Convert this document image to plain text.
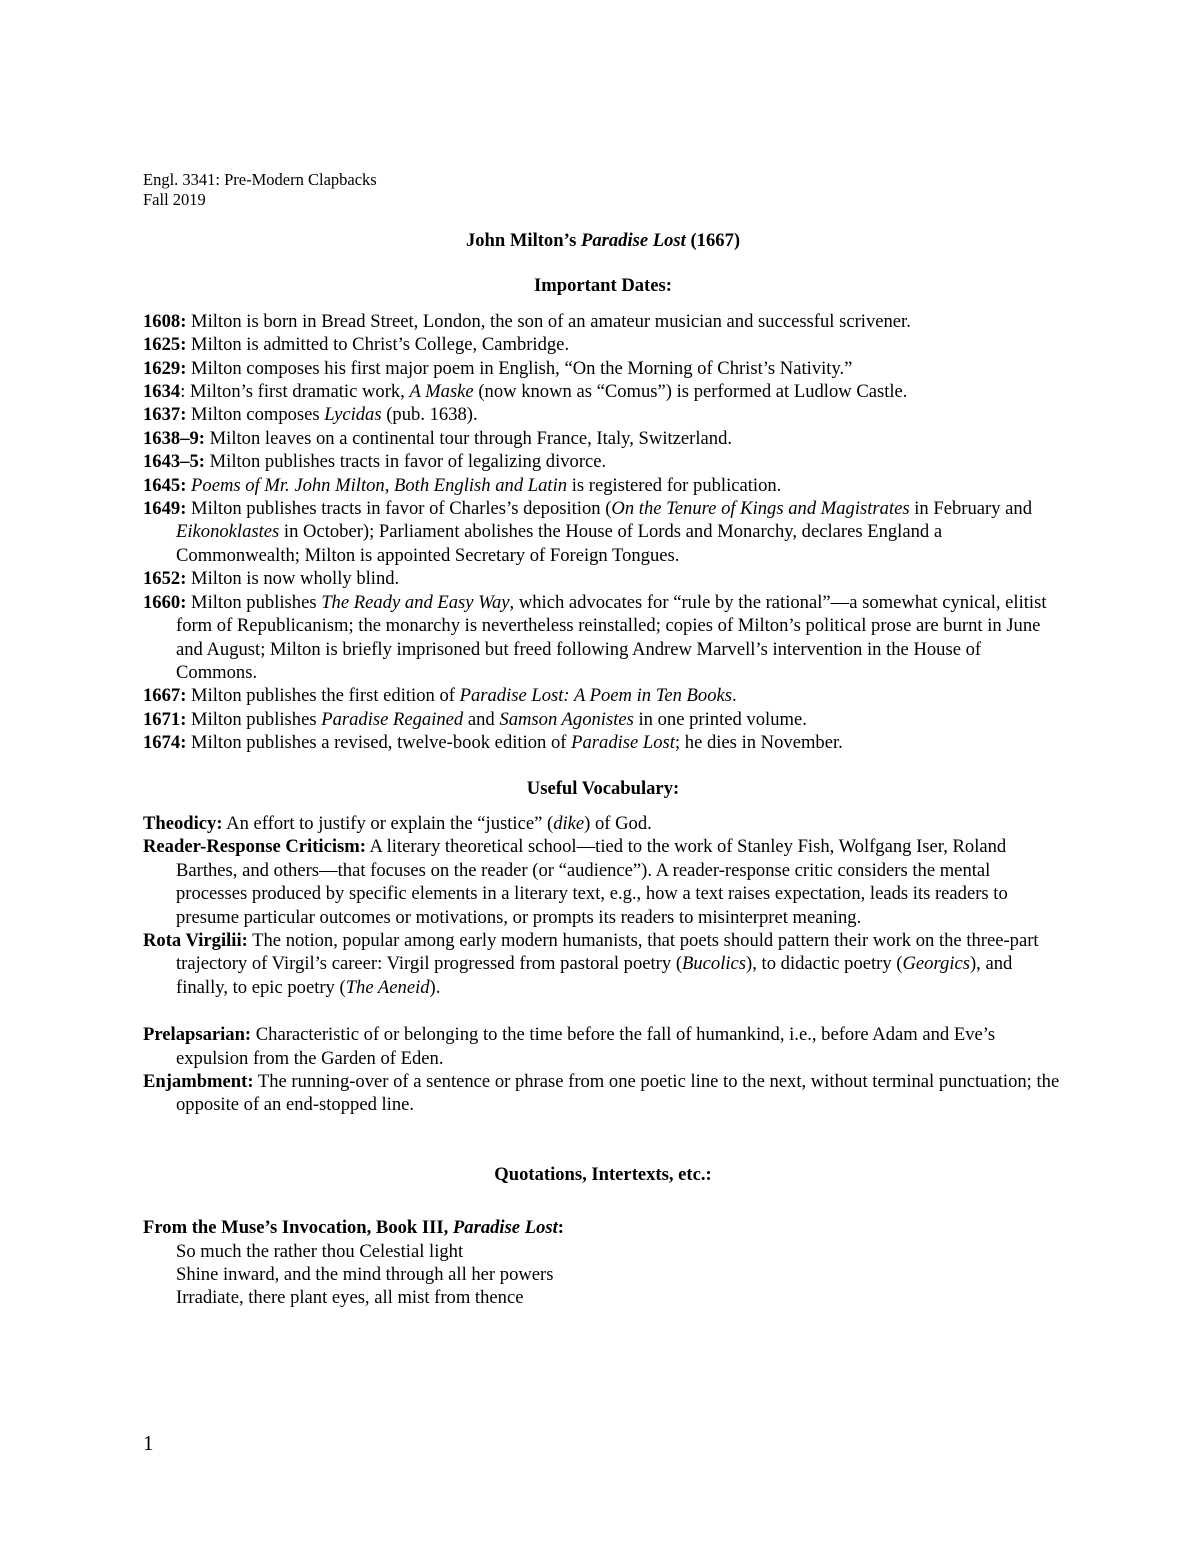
Engl. 3341: Pre-Modern Clapbacks
Fall 2019
John Milton’s Paradise Lost (1667)
Important Dates:
1608: Milton is born in Bread Street, London, the son of an amateur musician and successful scrivener.
1625: Milton is admitted to Christ’s College, Cambridge.
1629: Milton composes his first major poem in English, “On the Morning of Christ’s Nativity.”
1634: Milton’s first dramatic work, A Maske (now known as “Comus”) is performed at Ludlow Castle.
1637: Milton composes Lycidas (pub. 1638).
1638–9: Milton leaves on a continental tour through France, Italy, Switzerland.
1643–5: Milton publishes tracts in favor of legalizing divorce.
1645: Poems of Mr. John Milton, Both English and Latin is registered for publication.
1649: Milton publishes tracts in favor of Charles’s deposition (On the Tenure of Kings and Magistrates in February and Eikonoklastes in October); Parliament abolishes the House of Lords and Monarchy, declares England a Commonwealth; Milton is appointed Secretary of Foreign Tongues.
1652: Milton is now wholly blind.
1660: Milton publishes The Ready and Easy Way, which advocates for “rule by the rational”—a somewhat cynical, elitist form of Republicanism; the monarchy is nevertheless reinstalled; copies of Milton’s political prose are burnt in June and August; Milton is briefly imprisoned but freed following Andrew Marvell’s intervention in the House of Commons.
1667: Milton publishes the first edition of Paradise Lost: A Poem in Ten Books.
1671: Milton publishes Paradise Regained and Samson Agonistes in one printed volume.
1674: Milton publishes a revised, twelve-book edition of Paradise Lost; he dies in November.
Useful Vocabulary:
Theodicy: An effort to justify or explain the “justice” (dike) of God.
Reader-Response Criticism: A literary theoretical school—tied to the work of Stanley Fish, Wolfgang Iser, Roland Barthes, and others—that focuses on the reader (or “audience”). A reader-response critic considers the mental processes produced by specific elements in a literary text, e.g., how a text raises expectation, leads its readers to presume particular outcomes or motivations, or prompts its readers to misinterpret meaning.
Rota Virgilii: The notion, popular among early modern humanists, that poets should pattern their work on the three-part trajectory of Virgil’s career: Virgil progressed from pastoral poetry (Bucolics), to didactic poetry (Georgics), and finally, to epic poetry (The Aeneid).
Prelapsarian: Characteristic of or belonging to the time before the fall of humankind, i.e., before Adam and Eve’s expulsion from the Garden of Eden.
Enjambment: The running-over of a sentence or phrase from one poetic line to the next, without terminal punctuation; the opposite of an end-stopped line.
Quotations, Intertexts, etc.:
From the Muse’s Invocation, Book III, Paradise Lost:
So much the rather thou Celestial light
Shine inward, and the mind through all her powers
Irradiate, there plant eyes, all mist from thence
1
